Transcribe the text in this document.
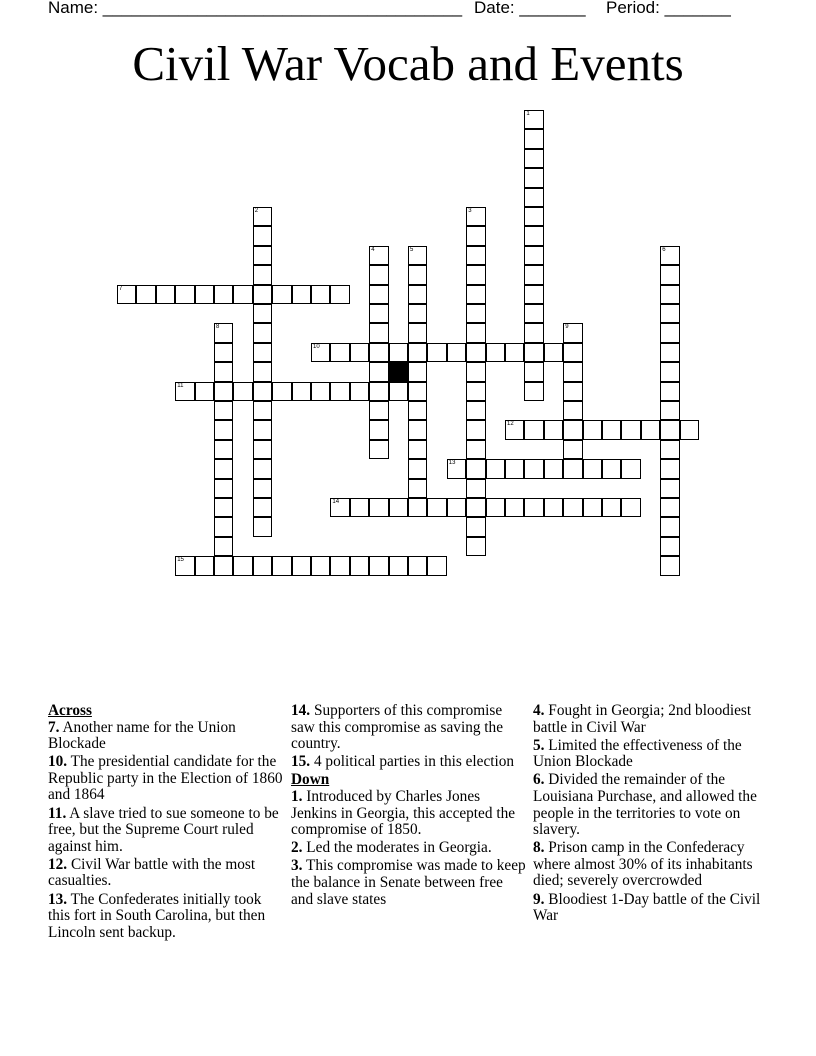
Name: ______________________________________

Date: _______

Period: _______

Civil War Vocab and Events
1
2	3
4	5	6
7
8	9
10
11
12
13
14
15
Across
7. Another name for the Union Blockade
10. The presidential candidate for the Republic party in the Election of 1860 and 1864
11. A slave tried to sue someone to be free, but the Supreme Court ruled against him.
12. Civil War battle with the most casualties.
13. The Confederates initially took this fort in South Carolina, but then Lincoln sent backup.
14. Supporters of this compromise saw this compromise as saving the country.
15. 4 political parties in this election
Down
1. Introduced by Charles Jones Jenkins in Georgia, this accepted the compromise of 1850.
2. Led the moderates in Georgia.
3. This compromise was made to keep the balance in Senate between free and slave states
4. Fought in Georgia; 2nd bloodiest battle in Civil War
5. Limited the effectiveness of the Union Blockade
6. Divided the remainder of the Louisiana Purchase, and allowed the people in the territories to vote on slavery.
8. Prison camp in the Confederacy where almost 30% of its inhabitants died; severely overcrowded
9. Bloodiest 1-Day battle of the Civil War
